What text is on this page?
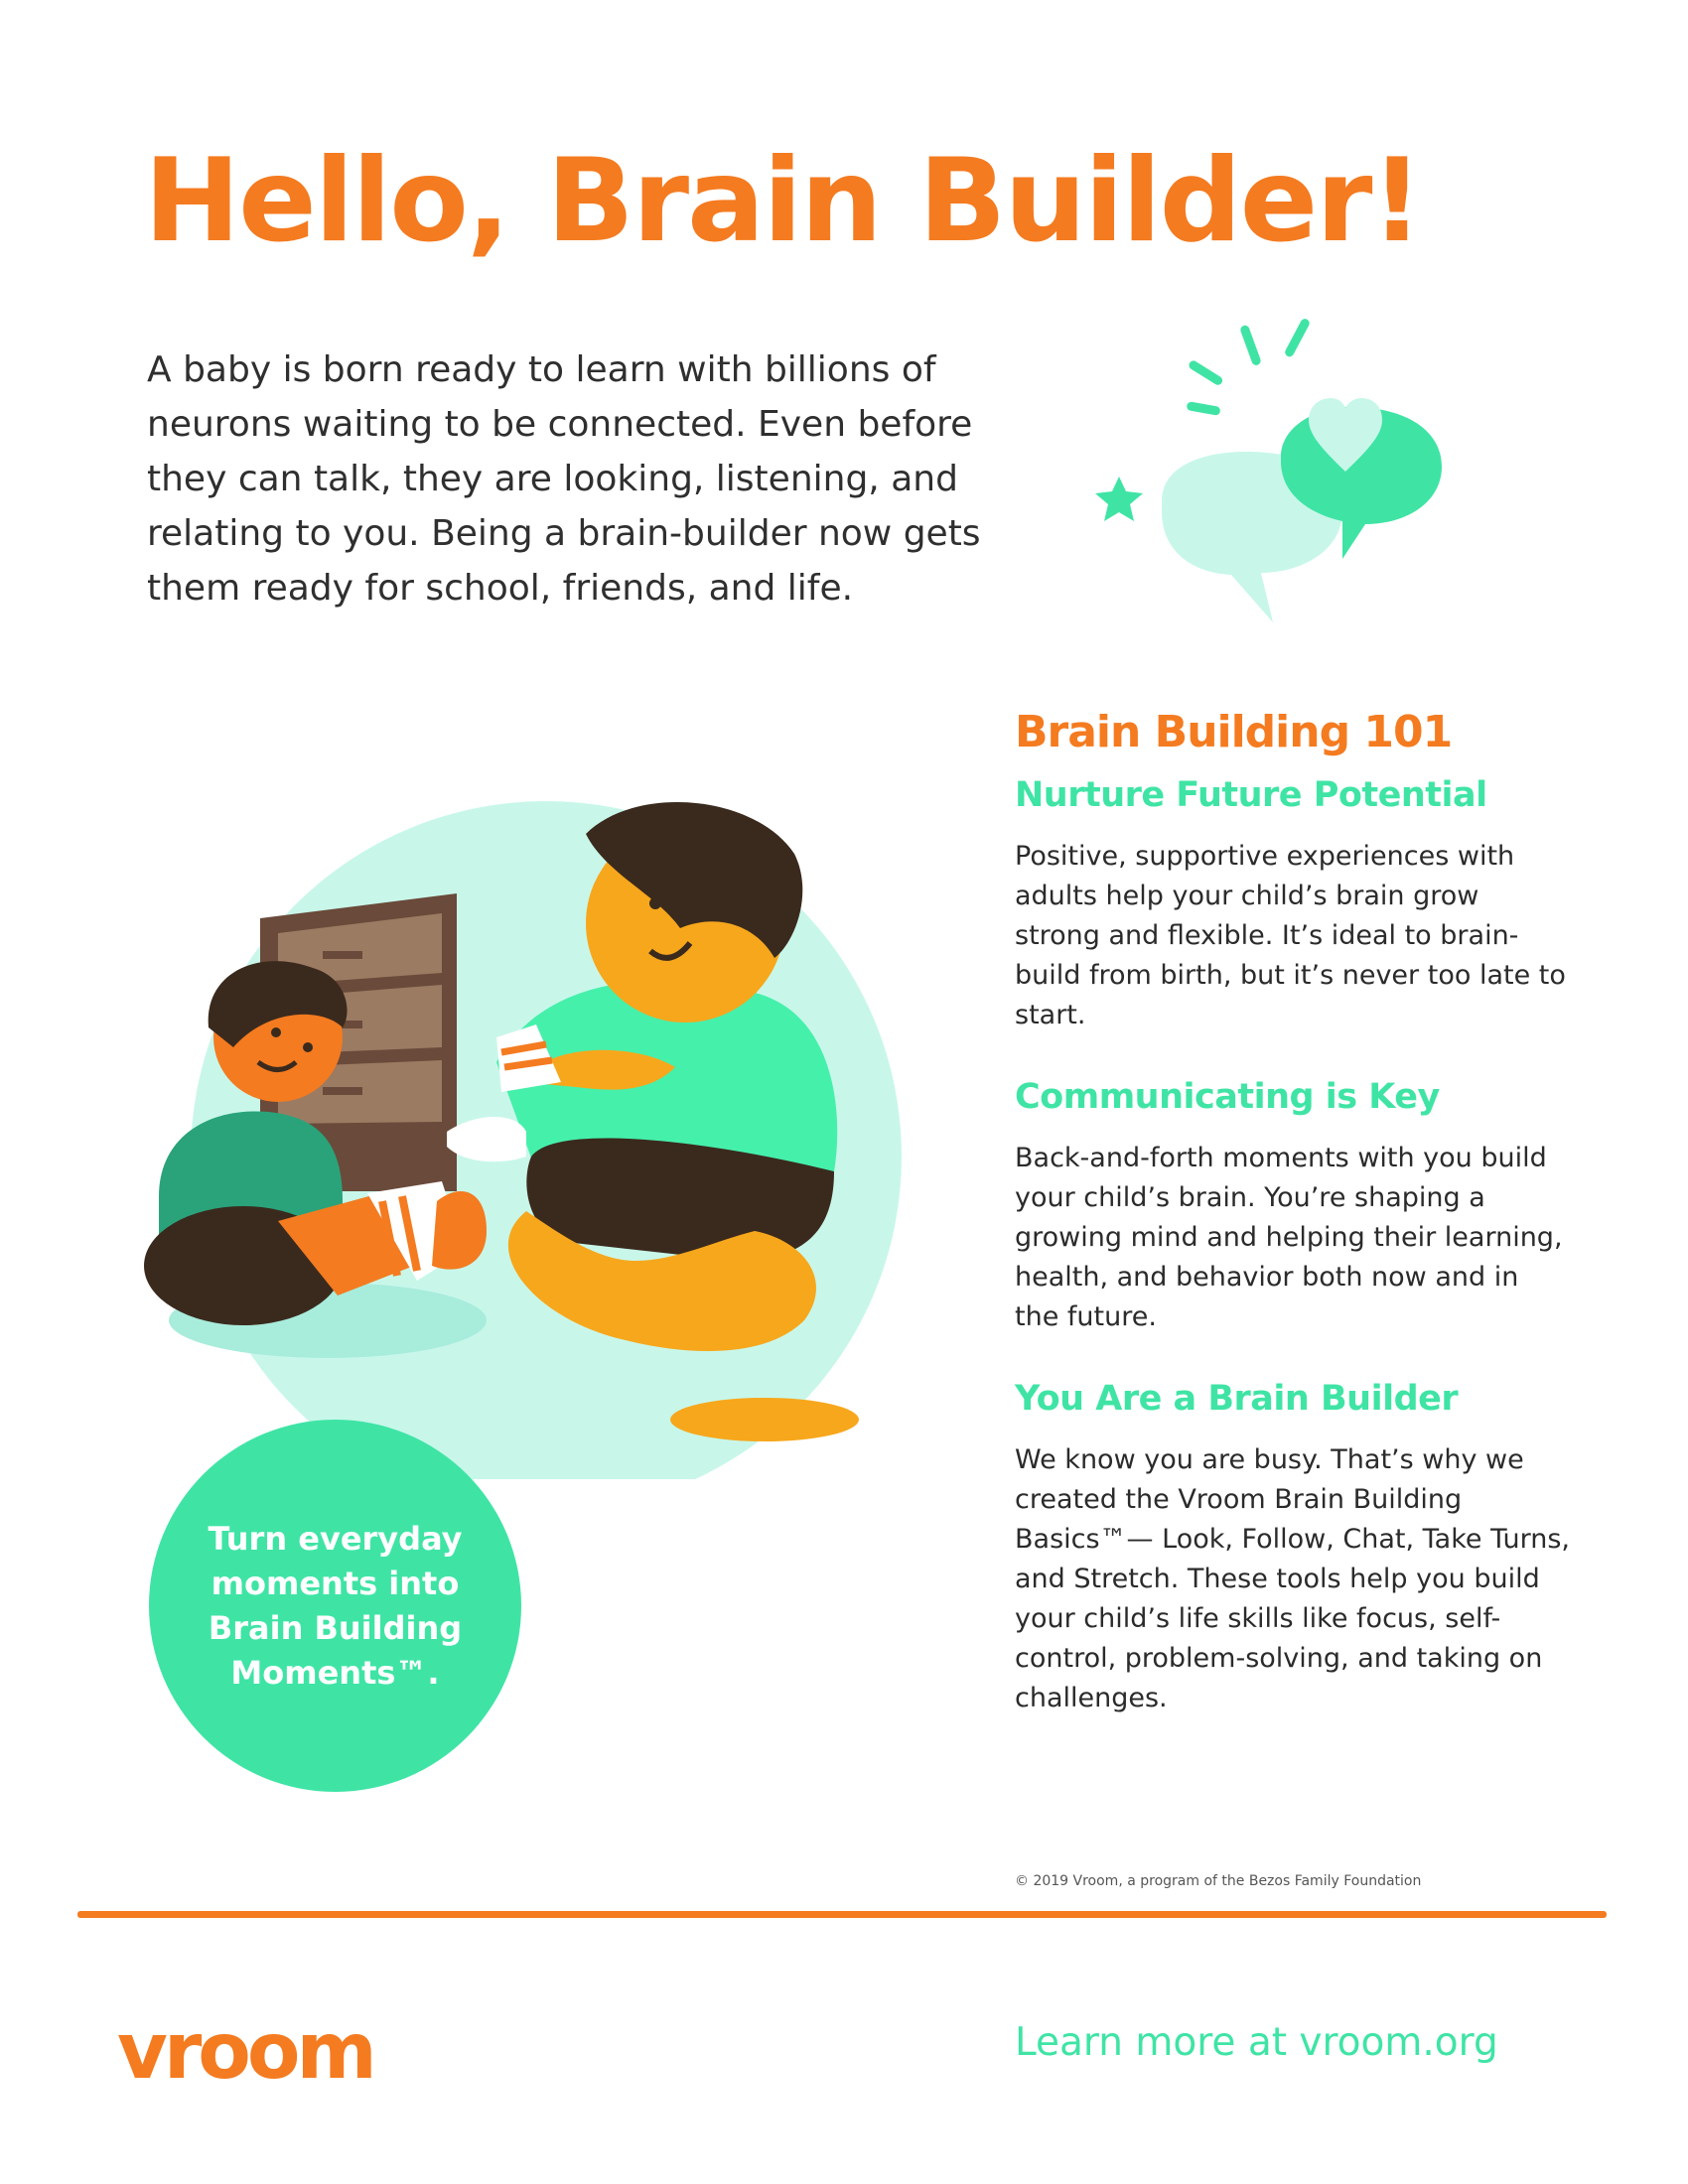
Hello, Brain Builder!

A baby is born ready to learn with billions of neurons waiting to be connected. Even before they can talk, they are looking, listening, and relating to you. Being a brain-builder now gets them ready for school, friends, and life.

Turn everyday moments into Brain Building Moments™.

Brain Building 101
Nurture Future Potential

Positive, supportive experiences with adults help your child’s brain grow strong and flexible. It’s ideal to brain-build from birth, but it’s never too late to start.

Communicating is Key

Back-and-forth moments with you build your child’s brain. You’re shaping a growing mind and helping their learning, health, and behavior both now and in the future.

You Are a Brain Builder

We know you are busy. That’s why we created the Vroom Brain Building Basics™— Look, Follow, Chat, Take Turns, and Stretch. These tools help you build your child’s life skills like focus, self-control, problem-solving, and taking on challenges.

© 2019 Vroom, a program of the Bezos Family Foundation

vroom	Learn more at vroom.org
